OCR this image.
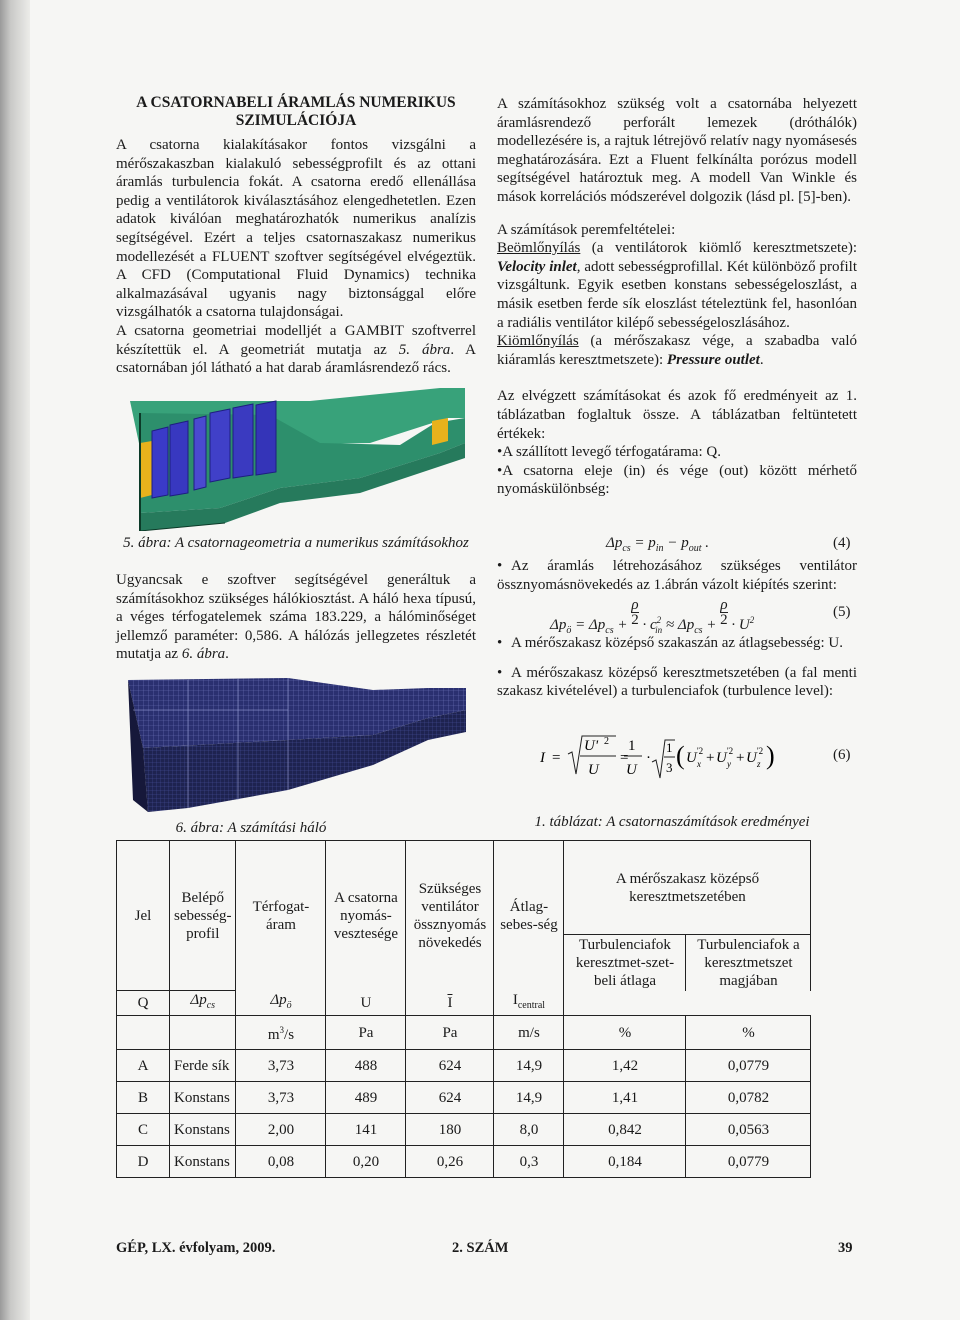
A CSATORNABELI ÁRAMLÁS NUMERIKUS SZIMULÁCIÓJA

A csatorna kialakításakor fontos vizsgálni a mérőszakaszban kialakuló sebességprofilt és az ottani áramlás turbulencia fokát. A csatorna eredő ellenállása pedig a ventilátorok kiválasztásához elengedhetetlen. Ezen adatok kiválóan meghatározhatók numerikus analízis segítségével. Ezért a teljes csatornaszakasz numerikus modellezését a FLUENT szoftver segítségével elvégeztük. A CFD (Computational Fluid Dynamics) technika alkalmazásával ugyanis nagy biztonsággal előre vizsgálhatók a csatorna tulajdonságai.

A csatorna geometriai modelljét a GAMBIT szoftverrel készítettük el. A geometriát mutatja az 5. ábra. A csatornában jól látható a hat darab áramlásrendező rács.

5. ábra: A csatornageometria a numerikus számításokhoz

Ugyancsak e szoftver segítségével generáltuk a számításokhoz szükséges hálókiosztást. A háló hexa típusú, a véges térfogatelemek száma 183.229, a hálóminőséget jellemző paraméter: 0,586. A hálózás jellegzetes részletét mutatja az 6. ábra.

6. ábra: A számítási háló

A számításokhoz szükség volt a csatornába helyezett áramlásrendező perforált lemezek (dróthálók) modellezésére is, a rajtuk létrejövő relatív nagy nyomásesés meghatározására. Ezt a Fluent felkínálta porózus modell segítségével határoztuk meg. A modell Van Winkle és mások korrelációs módszerével dolgozik (lásd pl. [5]-ben).

A számítások peremfeltételei:

Beömlőnyílás (a ventilátorok kiömlő keresztmetszete): Velocity inlet, adott sebességprofillal. Két különböző profilt vizsgáltunk. Egyik esetben konstans sebességeloszlást, a másik esetben ferde sík eloszlást tételeztünk fel, hasonlóan a radiális ventilátor kilépő sebességeloszlásához.

Kiömlőnyílás (a mérőszakasz vége, a szabadba való kiáramlás keresztmetszete): Pressure outlet.

Az elvégzett számításokat és azok fő eredményeit az 1. táblázatban foglaltuk össze. A táblázatban feltüntetett értékek:

•A szállított levegő térfogatárama: Q.

•A csatorna eleje (in) és vége (out) között mérhető nyomáskülönbség:

$\Delta p_{cs} = p_{in} - p_{out}$ .	(4)

• Az áramlás létrehozásához szükséges ventilátor össznyomásnövekedés az 1.ábrán vázolt kiépítés szerint:

$\Delta p_ö = \Delta p_{cs} + \frac{\rho}{2} \cdot c^2_{in} \approx \Delta p_{cs} + \frac{\rho}{2} \cdot U^2$	(5)

• A mérőszakasz középső szakaszán az átlagsebesség: U.

• A mérőszakasz középső keresztmetszetében (a fal menti szakasz kivételével) a turbulenciafok (turbulence level):

I =
U' 2
U
=
1
U
·
1
3 ( U '2
x + U '2
y + U '2
z )	(6)
1. táblázat: A csatornaszámítások eredményei
Jel	Belépő sebesség-profil	Térfogat-áram	A csatorna nyomás-vesztesége	Szükséges ventilátor össznyomás növekedés	Átlag-sebes-ség	A mérőszakasz középső keresztmetszetében	
						Turbulenciafok keresztmet-szet-beli átlaga	Turbulenciafok a keresztmetszet magjában

Q	$\Delta p_{cs}$	$\Delta p_ö$	U	$\overline{I}$	$I_{central}$
		$m^3/s$	Pa	Pa	m/s	%	%
A	Ferde sík	3,73	488	624	14,9	1,42	0,0779
B	Konstans	3,73	489	624	14,9	1,41	0,0782
C	Konstans	2,00	141	180	8,0	0,842	0,0563
D	Konstans	0,08	0,20	0,26	0,3	0,184	0,0779
GÉP, LX. évfolyam, 2009.	2. SZÁM	39
